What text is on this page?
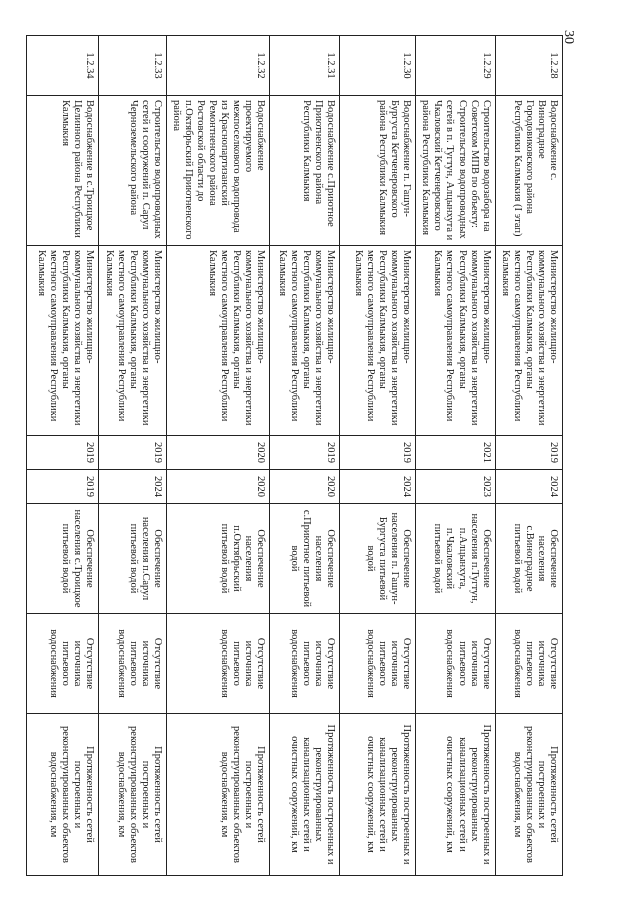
30
1.2.28	Водоснабжение с. Виноградное Городовиковского района Республики Калмыкия (I этап)	Министерство жилищно-коммунального хозяйства и энергетики Республики Калмыкия, органы местного самоуправления Республики Калмыкия	2019	2024	Обеспечение населения с.Виноградное питьевой водой	Отсутствие источника питьевого водоснабжения	Протяженность сетей построенных и реконструированных объектов водоснабжения, км
1.2.29	Строительство водозабора на Советском МПВ по объекту: Строительство водопроводных сетей в п. Тугтун, Алцынхута и Чкаловский Кетченеровского района Республики Калмыкия	Министерство жилищно-коммунального хозяйства и энергетики Республики Калмыкия, органы местного самоуправления Республики Калмыкия	2021	2023	Обеспечение населения п.Тугтун, п.Алцынхута, п.Чкаловский питьевой водой	Отсутствие источника питьевого водоснабжения	Протяженность построенных и реконструированных канализационных сетей и очистных сооружений, км
1.2.30	Водоснабжение п. Гашун-Бургуста Кетченеровского района Республики Калмыкия	Министерство жилищно-коммунального хозяйства и энергетики Республики Калмыкия, органы местного самоуправления Республики Калмыкия	2019	2024	Обеспечение населения п. Гашун-Бургуста питьевой водой	Отсутствие источника питьевого водоснабжения	Протяженность построенных и реконструированных канализационных сетей и очистных сооружений, км
1.2.31	Водоснабжение с.Приютное Приютненского района Республики Калмыкия	Министерство жилищно-коммунального хозяйства и энергетики Республики Калмыкия, органы местного самоуправления Республики Калмыкия	2019	2020	Обеспечение населения с.Приютное питьевой водой	Отсутствие источника питьевого водоснабжения	Протяженность построенных и реконструированных канализационных сетей и очистных сооружений, км
1.2.32	Водоснабжение проектируемого межпоселкового водопровода из Краснопартизанский Ремонтненского района Ростовской области до п.Октябрьский Приютненского района	Министерство жилищно-коммунального хозяйства и энергетики Республики Калмыкия, органы местного самоуправления Республики Калмыкия	2020	2020	Обеспечение населения п.Октябрьский питьевой водой	Отсутствие источника питьевого водоснабжения	Протяженность сетей построенных и реконструированных объектов водоснабжения, км
1.2.33	Строительство водопроводных сетей и сооружений п. Сарул Черноземельского района	Министерство жилищно-коммунального хозяйства и энергетики Республики Калмыкия, органы местного самоуправления Республики Калмыкия	2019	2024	Обеспечение населения п.Сарул питьевой водой	Отсутствие источника питьевого водоснабжения	Протяженность сетей построенных и реконструированных объектов водоснабжения, км
1.2.34	Водоснабжение в с.Троицкое Целинного района Республики Калмыкия	Министерство жилищно-коммунального хозяйства и энергетики Республики Калмыкия, органы местного самоуправления Республики Калмыкия	2019	2019	Обеспечение населения с.Троицкое питьевой водой	Отсутствие источника питьевого водоснабжения	Протяженность сетей построенных и реконструированных объектов водоснабжения, км
